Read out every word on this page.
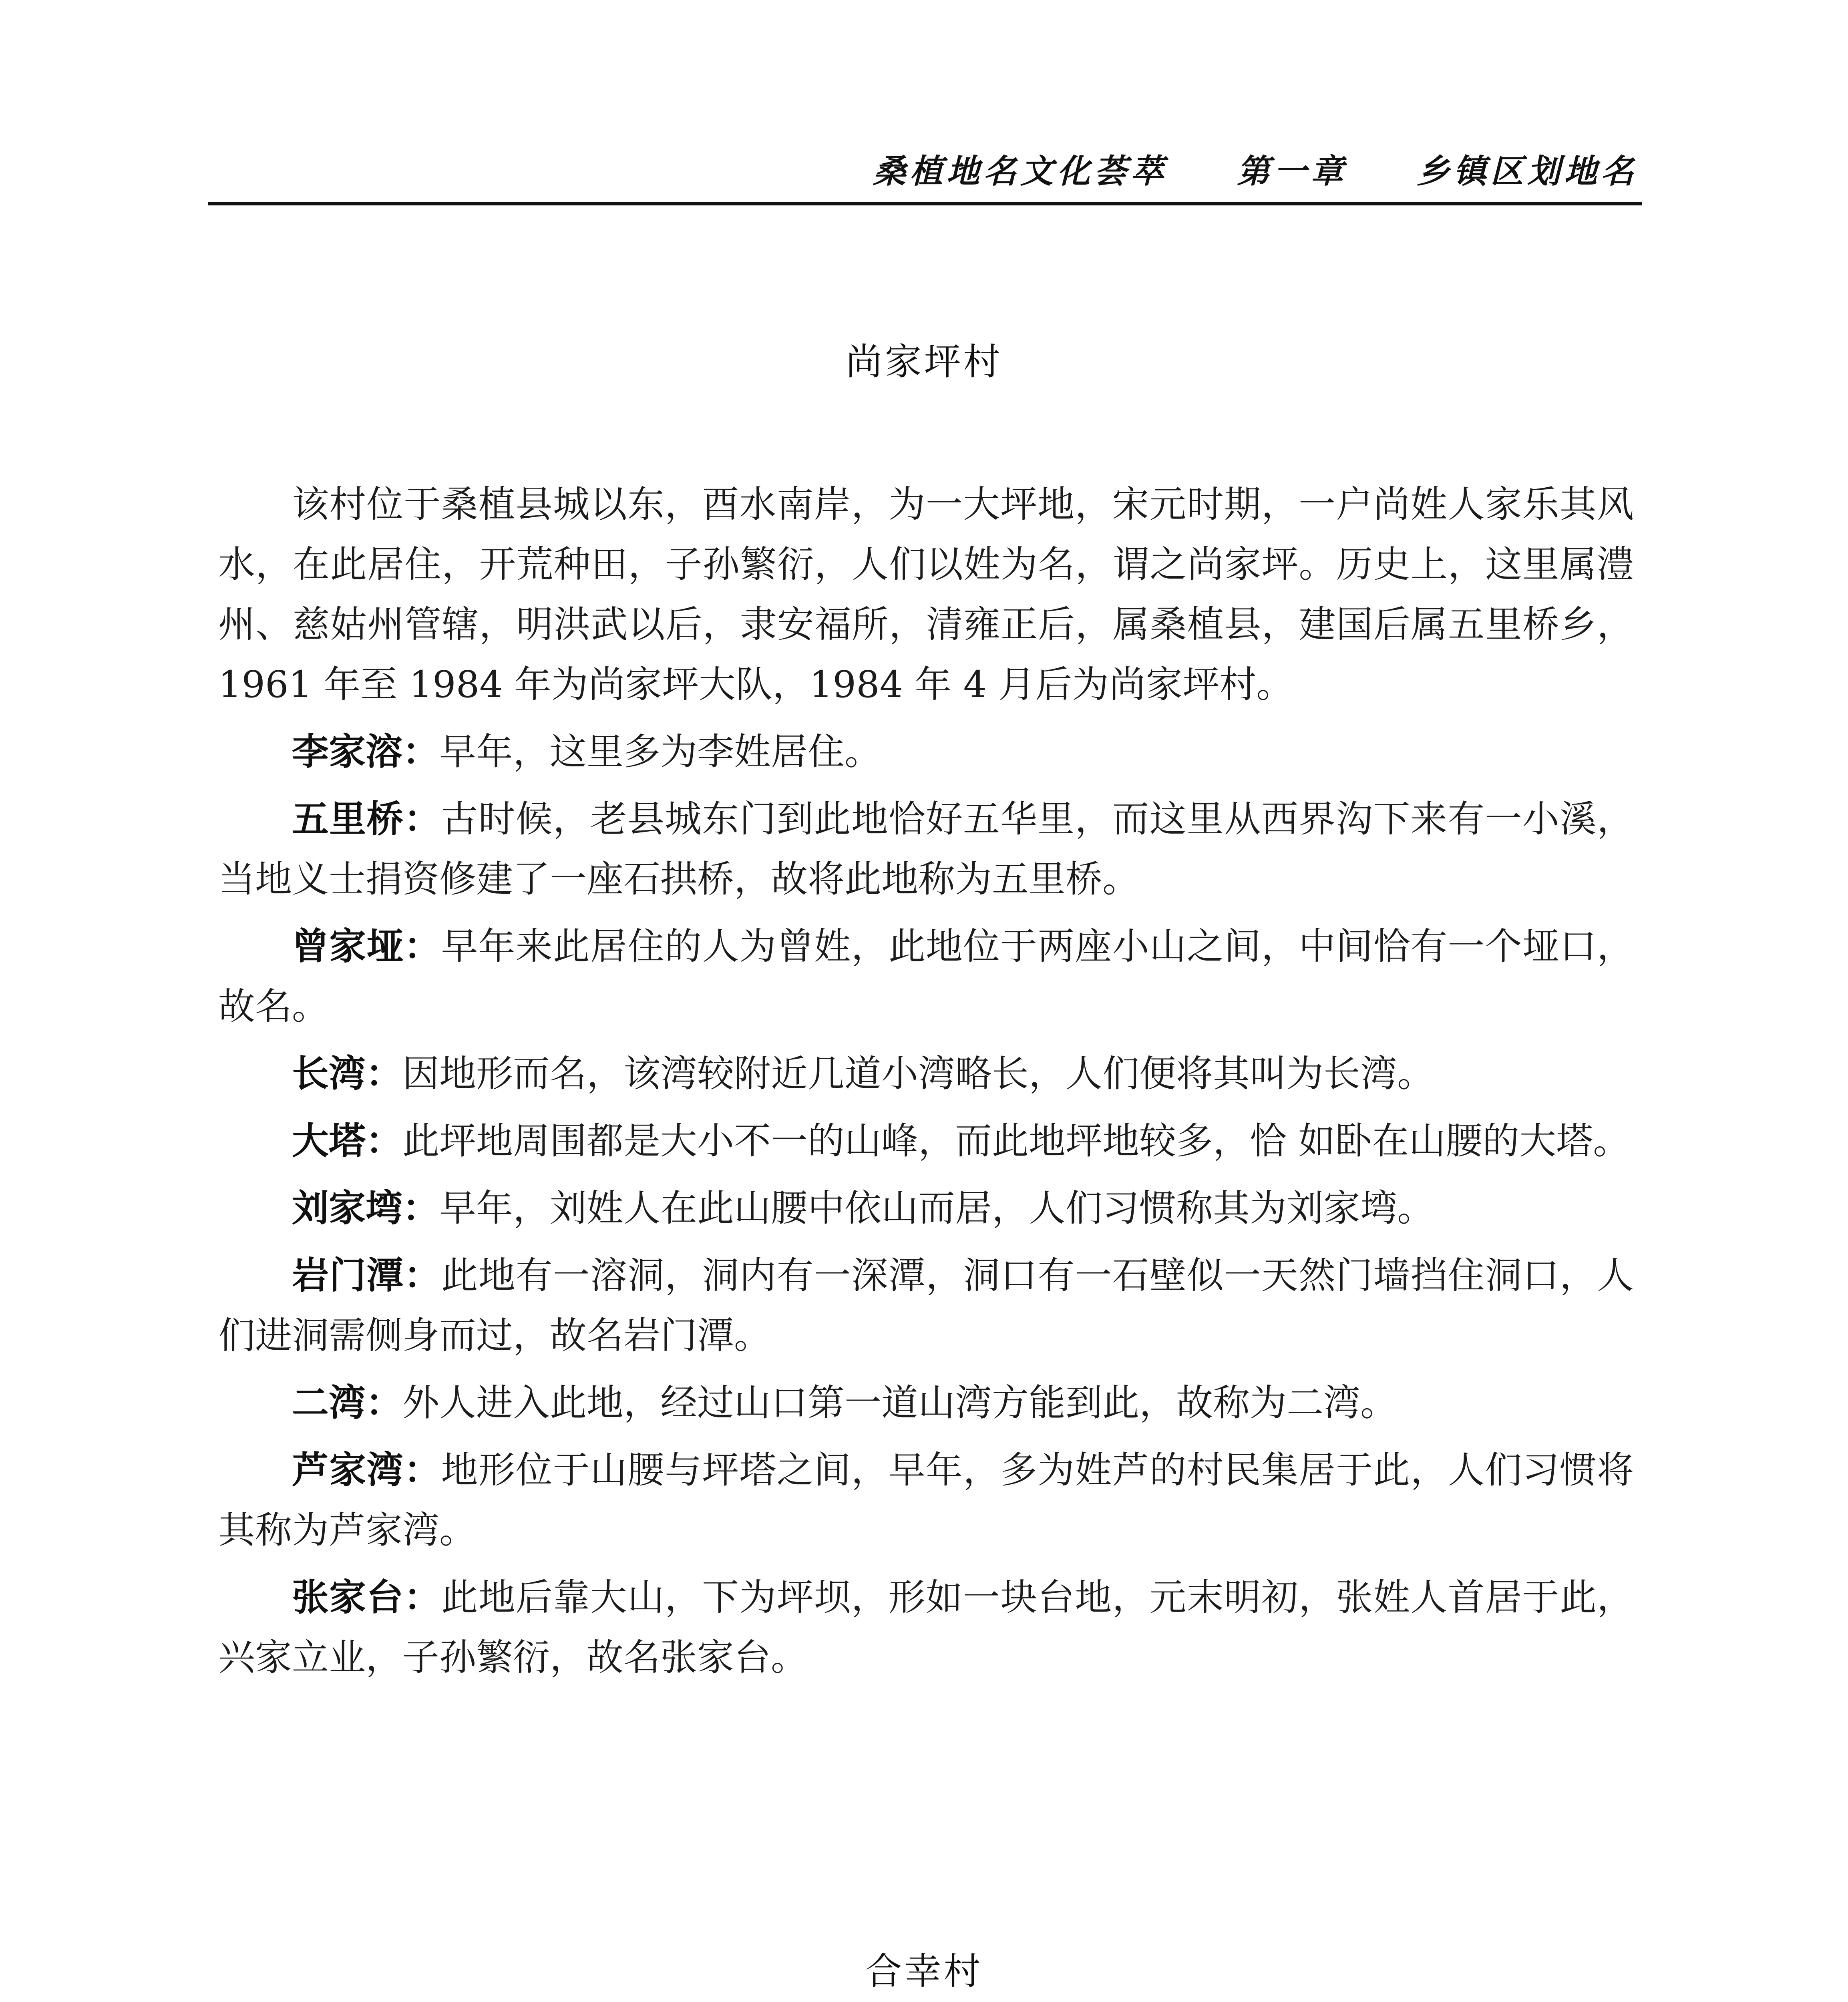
桑植地名文化荟萃 第一章 乡镇区划地名
尚家坪村

该村位于桑植县城以东，酉水南岸，为一大坪地，宋元时期，一户尚姓人家乐其风水，在此居住，开荒种田，子孙繁衍，人们以姓为名，谓之尚家坪。历史上，这里属澧州、慈姑州管辖，明洪武以后，隶安福所，清雍正后，属桑植县，建国后属五里桥乡，1961 年至 1984 年为尚家坪大队，1984 年 4 月后为尚家坪村。

李家溶：早年，这里多为李姓居住。

五里桥：古时候，老县城东门到此地恰好五华里，而这里从西界沟下来有一小溪，当地义士捐资修建了一座石拱桥，故将此地称为五里桥。

曾家垭：早年来此居住的人为曾姓，此地位于两座小山之间，中间恰有一个垭口，故名。

长湾：因地形而名，该湾较附近几道小湾略长，人们便将其叫为长湾。

大塔：此坪地周围都是大小不一的山峰，而此地坪地较多，恰 如卧在山腰的大塔。

刘家塆：早年，刘姓人在此山腰中依山而居，人们习惯称其为刘家塆。

岩门潭：此地有一溶洞，洞内有一深潭，洞口有一石壁似一天然门墙挡住洞口，人们进洞需侧身而过，故名岩门潭。

二湾：外人进入此地，经过山口第一道山湾方能到此，故称为二湾。

芦家湾：地形位于山腰与坪塔之间，早年，多为姓芦的村民集居于此，人们习惯将其称为芦家湾。

张家台：此地后靠大山，下为坪坝，形如一块台地，元末明初，张姓人首居于此，兴家立业，子孙繁衍，故名张家台。

合幸村
